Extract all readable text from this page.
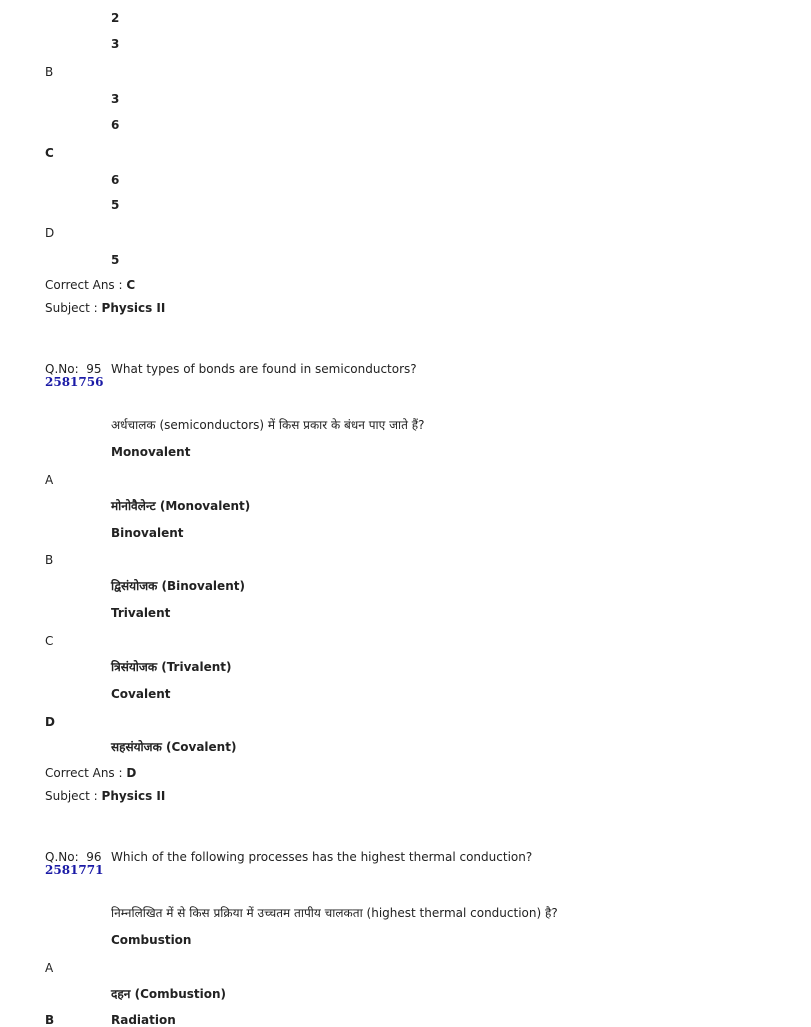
2
3
B
3
6
C
6
5
D
5
Correct Ans : C
Subject : Physics II
Q.No: 95 What types of bonds are found in semiconductors?
2581756
अर्धचालक (semiconductors) में किस प्रकार के बंधन पाए जाते हैं?
Monovalent
A
मोनोवैलेन्ट (Monovalent)
Binovalent
B
द्विसंयोजक (Binovalent)
Trivalent
C
त्रिसंयोजक (Trivalent)
Covalent
D
सहसंयोजक (Covalent)
Correct Ans : D
Subject : Physics II
Q.No: 96 Which of the following processes has the highest thermal conduction?
2581771
निम्नलिखित में से किस प्रक्रिया में उच्चतम तापीय चालकता (highest thermal conduction) है?
Combustion
A
दहन (Combustion)
B	Radiation
